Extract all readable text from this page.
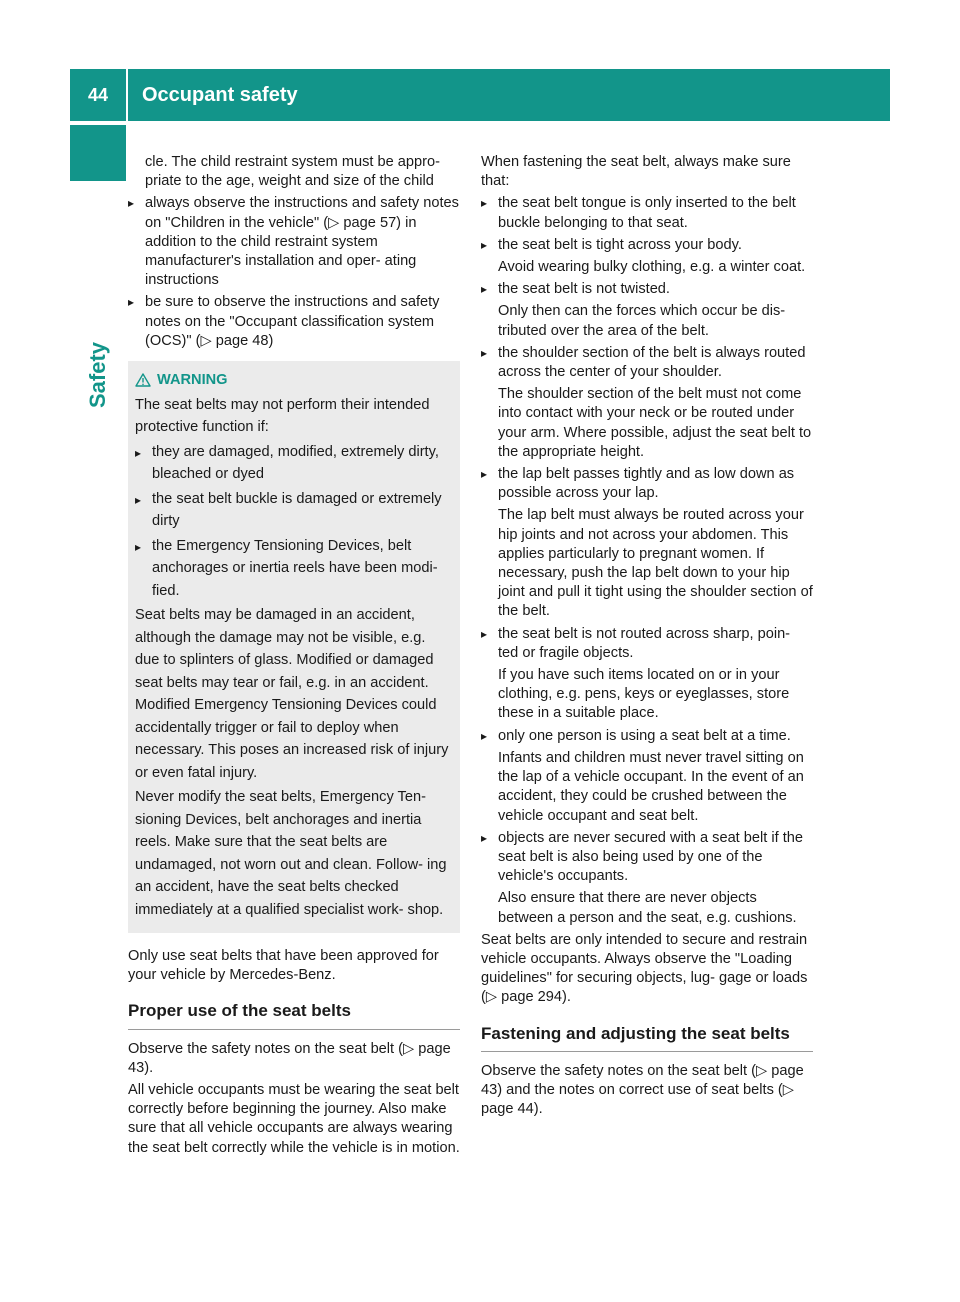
44	Occupant safety
Safety

cle. The child restraint system must be appro- priate to the age, weight and size of the child

▸ always observe the instructions and safety notes on "Children in the vehicle" (▷ page 57) in addition to the child restraint system manufacturer's installation and oper- ating instructions
▸ be sure to observe the instructions and safety notes on the "Occupant classification system (OCS)" (▷ page 48)
WARNING

The seat belts may not perform their intended protective function if:

▸ they are damaged, modified, extremely dirty, bleached or dyed
▸ the seat belt buckle is damaged or extremely dirty
▸ the Emergency Tensioning Devices, belt anchorages or inertia reels have been modi- fied.

Seat belts may be damaged in an accident, although the damage may not be visible, e.g. due to splinters of glass. Modified or damaged seat belts may tear or fail, e.g. in an accident. Modified Emergency Tensioning Devices could accidentally trigger or fail to deploy when necessary. This poses an increased risk of injury or even fatal injury.

Never modify the seat belts, Emergency Ten- sioning Devices, belt anchorages and inertia reels. Make sure that the seat belts are undamaged, not worn out and clean. Follow- ing an accident, have the seat belts checked immediately at a qualified specialist work- shop.

Only use seat belts that have been approved for your vehicle by Mercedes-Benz.

Proper use of the seat belts

Observe the safety notes on the seat belt (▷ page 43).

All vehicle occupants must be wearing the seat belt correctly before beginning the journey. Also make sure that all vehicle occupants are always wearing the seat belt correctly while the vehicle is in motion.

When fastening the seat belt, always make sure that:

▸ the seat belt tongue is only inserted to the belt buckle belonging to that seat.
▸ the seat belt is tight across your body.

Avoid wearing bulky clothing, e.g. a winter coat.

▸ the seat belt is not twisted.

Only then can the forces which occur be dis- tributed over the area of the belt.

▸ the shoulder section of the belt is always routed across the center of your shoulder.

The shoulder section of the belt must not come into contact with your neck or be routed under your arm. Where possible, adjust the seat belt to the appropriate height.

▸ the lap belt passes tightly and as low down as possible across your lap.

The lap belt must always be routed across your hip joints and not across your abdomen. This applies particularly to pregnant women. If necessary, push the lap belt down to your hip joint and pull it tight using the shoulder section of the belt.

▸ the seat belt is not routed across sharp, poin- ted or fragile objects.

If you have such items located on or in your clothing, e.g. pens, keys or eyeglasses, store these in a suitable place.

▸ only one person is using a seat belt at a time.

Infants and children must never travel sitting on the lap of a vehicle occupant. In the event of an accident, they could be crushed between the vehicle occupant and seat belt.

▸ objects are never secured with a seat belt if the seat belt is also being used by one of the vehicle's occupants.

Also ensure that there are never objects between a person and the seat, e.g. cushions.

Seat belts are only intended to secure and restrain vehicle occupants. Always observe the "Loading guidelines" for securing objects, lug- gage or loads (▷ page 294).

Fastening and adjusting the seat belts

Observe the safety notes on the seat belt (▷ page 43) and the notes on correct use of seat belts (▷ page 44).
